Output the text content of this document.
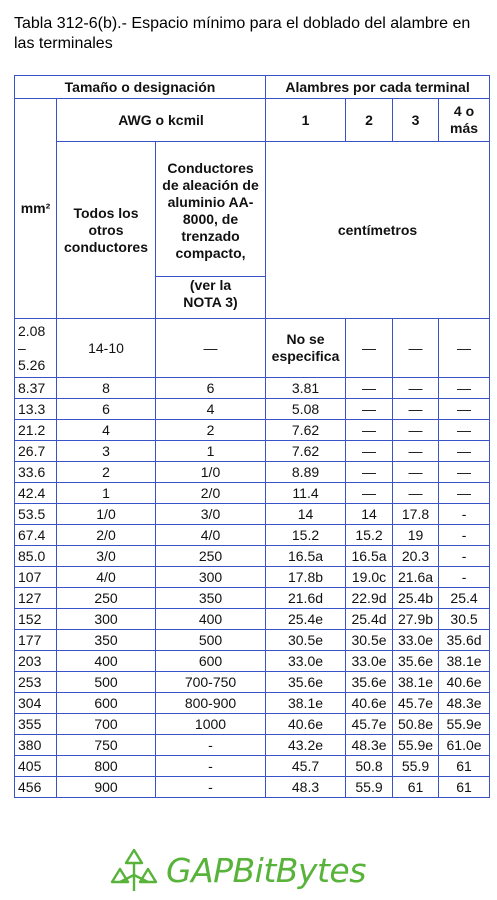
Tabla 312-6(b).- Espacio mínimo para el doblado del alambre en las terminales
Tamaño o designación			Alambres por cada terminal			
mm²	AWG o kcmil		1	2	3	4 o más
	Todos los otros conductores	Conductores de aleación de aluminio AA-8000, de trenzado compacto,	centímetros			
		(ver la NOTA 3)				
2.08 – 5.26	14-10	—	No se especifica	—	—	—
8.37	8	6	3.81	—	—	—
13.3	6	4	5.08	—	—	—
21.2	4	2	7.62	—	—	—
26.7	3	1	7.62	—	—	—
33.6	2	1/0	8.89	—	—	—
42.4	1	2/0	11.4	—	—	—
53.5	1/0	3/0	14	14	17.8	-
67.4	2/0	4/0	15.2	15.2	19	-
85.0	3/0	250	16.5a	16.5a	20.3	-
107	4/0	300	17.8b	19.0c	21.6a	-
127	250	350	21.6d	22.9d	25.4b	25.4
152	300	400	25.4e	25.4d	27.9b	30.5
177	350	500	30.5e	30.5e	33.0e	35.6d
203	400	600	33.0e	33.0e	35.6e	38.1e
253	500	700-750	35.6e	35.6e	38.1e	40.6e
304	600	800-900	38.1e	40.6e	45.7e	48.3e
355	700	1000	40.6e	45.7e	50.8e	55.9e
380	750	-	43.2e	48.3e	55.9e	61.0e
405	800	-	45.7	50.8	55.9	61
456	900	-	48.3	55.9	61	61
GAPBitBytes
